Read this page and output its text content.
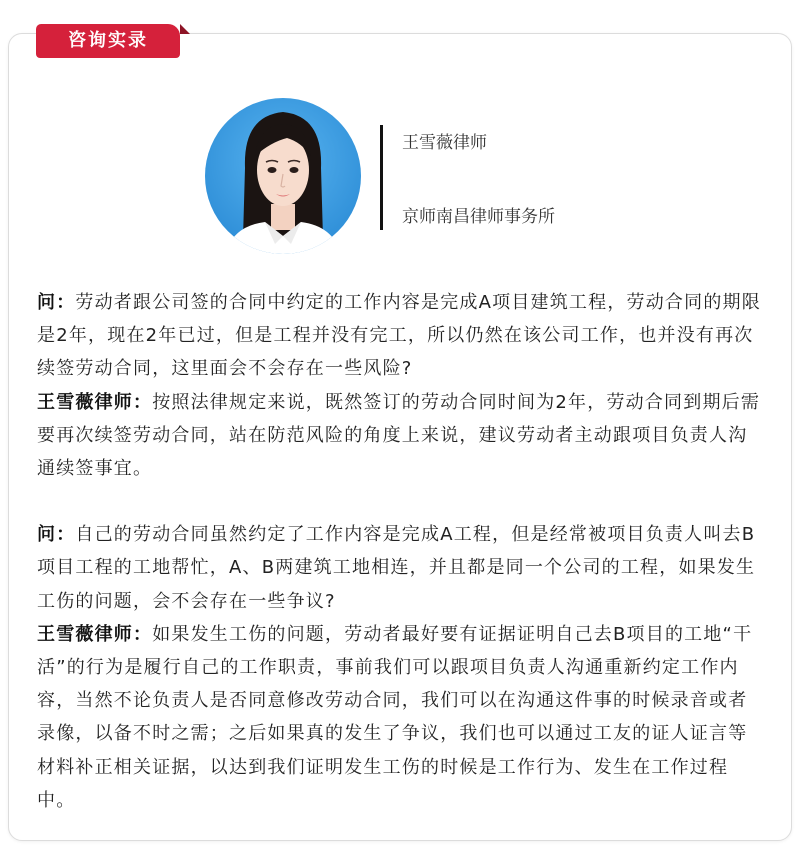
咨询实录
王雪薇律师
京师南昌律师事务所

问：劳动者跟公司签的合同中约定的工作内容是完成A项目建筑工程，劳动合同的期限是2年，现在2年已过，但是工程并没有完工，所以仍然在该公司工作，也并没有再次续签劳动合同，这里面会不会存在一些风险?

王雪薇律师：按照法律规定来说，既然签订的劳动合同时间为2年，劳动合同到期后需要再次续签劳动合同，站在防范风险的角度上来说，建议劳动者主动跟项目负责人沟通续签事宜。

问：自己的劳动合同虽然约定了工作内容是完成A工程，但是经常被项目负责人叫去B项目工程的工地帮忙，A、B两建筑工地相连，并且都是同一个公司的工程，如果发生工伤的问题，会不会存在一些争议?

王雪薇律师：如果发生工伤的问题，劳动者最好要有证据证明自己去B项目的工地“干活”的行为是履行自己的工作职责，事前我们可以跟项目负责人沟通重新约定工作内容，当然不论负责人是否同意修改劳动合同，我们可以在沟通这件事的时候录音或者录像，以备不时之需；之后如果真的发生了争议，我们也可以通过工友的证人证言等材料补正相关证据，以达到我们证明发生工伤的时候是工作行为、发生在工作过程中。
